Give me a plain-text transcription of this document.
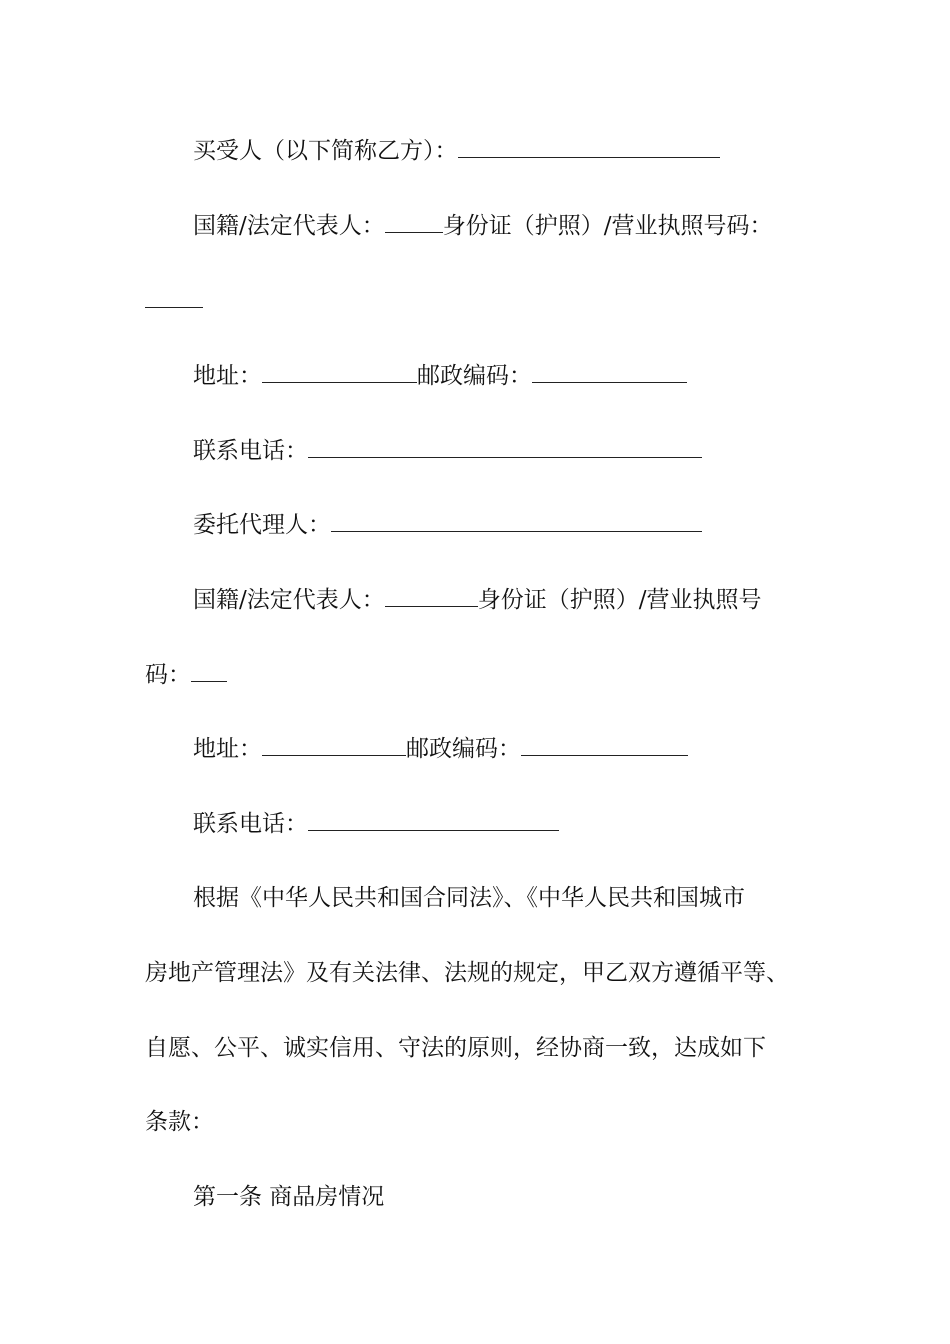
买受人（以下简称乙方）：
国籍/法定代表人：	身份证（护照）/营业执照号码：
地址：	邮政编码：
联系电话：
委托代理人：
国籍/法定代表人：	身份证（护照）/营业执照号
码：
地址：	邮政编码：
联系电话：
根据《中华人民共和国合同法》、《中华人民共和国城市
房地产管理法》及有关法律、法规的规定，甲乙双方遵循平等、
自愿、公平、诚实信用、守法的原则，经协商一致，达成如下
条款：
第一条 商品房情况
